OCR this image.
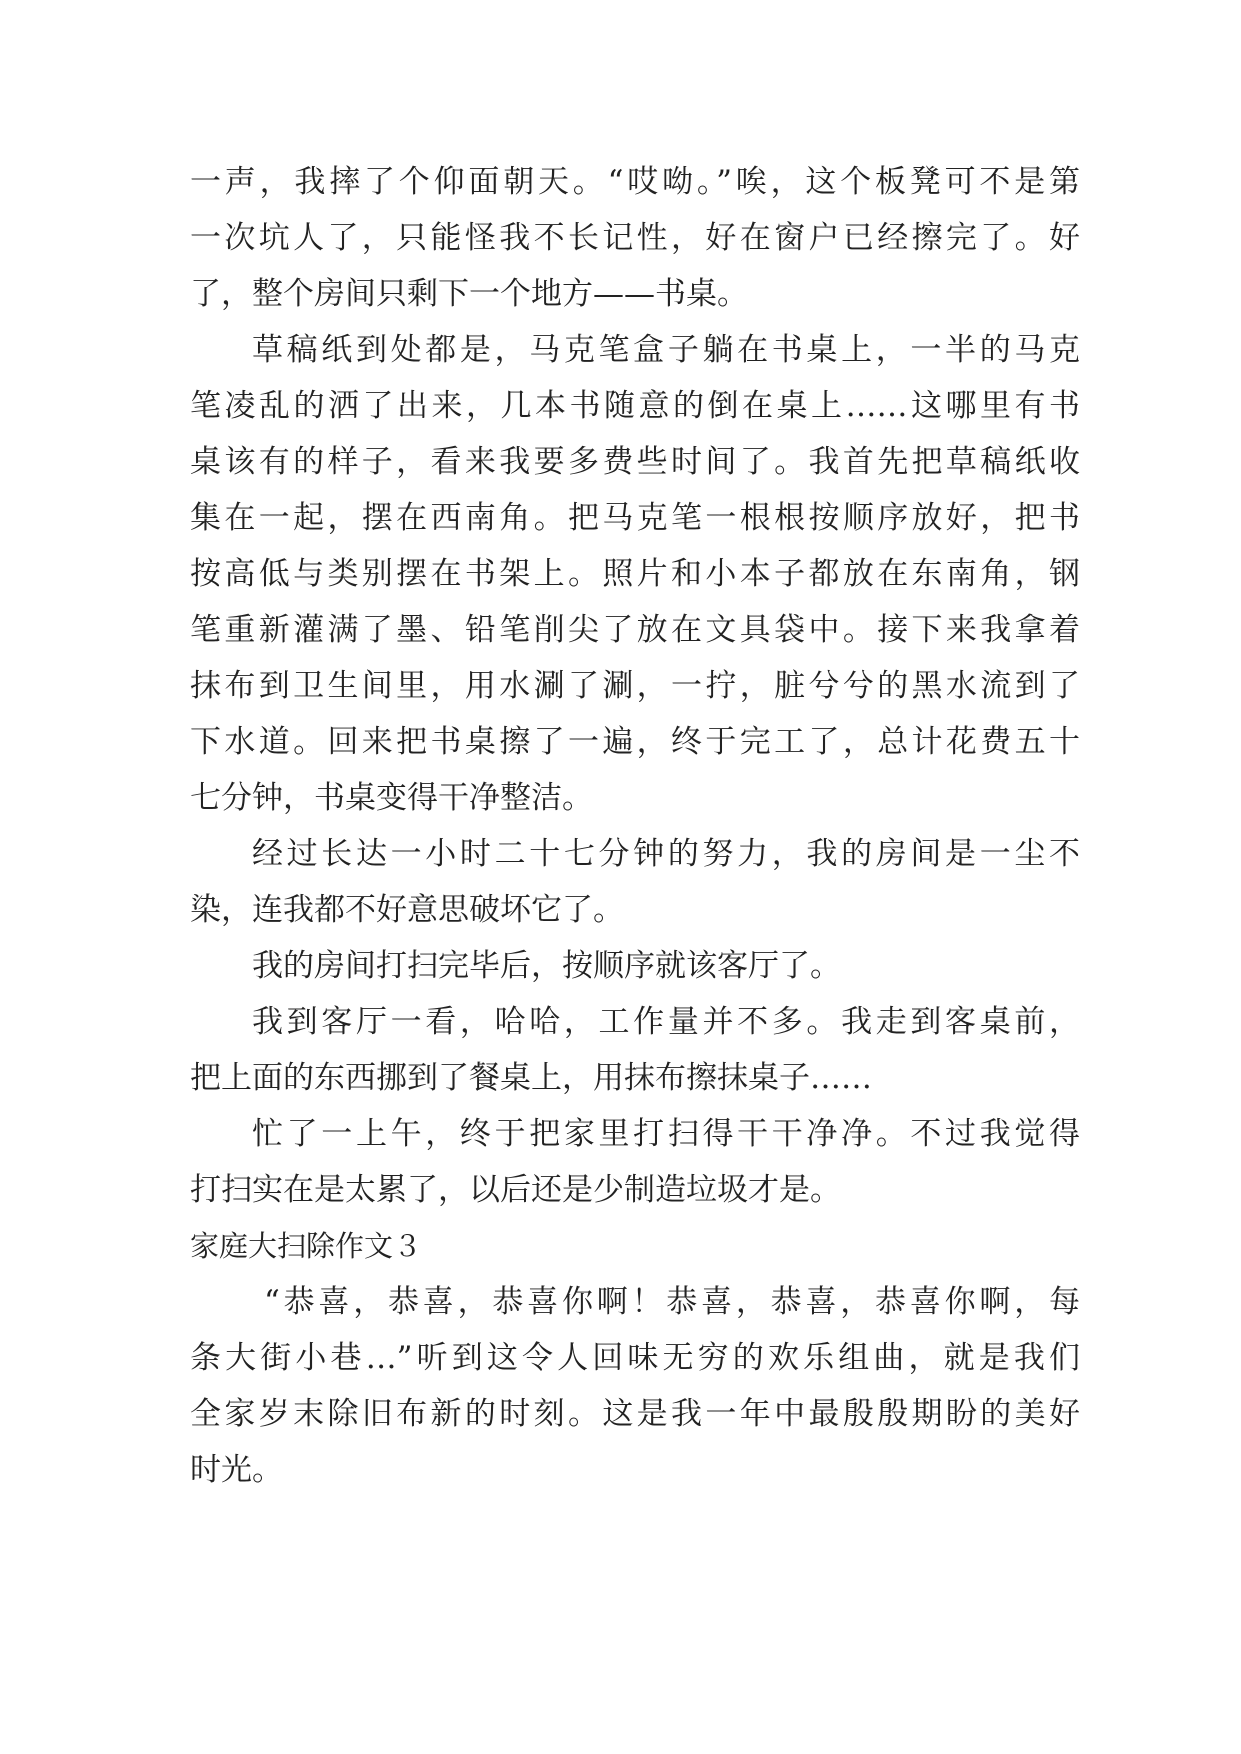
一声，我摔了个仰面朝天。“哎呦。”唉，这个板凳可不是第
一次坑人了，只能怪我不长记性，好在窗户已经擦完了。好
了，整个房间只剩下一个地方——书桌。
草稿纸到处都是，马克笔盒子躺在书桌上，一半的马克
笔凌乱的洒了出来，几本书随意的倒在桌上……这哪里有书
桌该有的样子，看来我要多费些时间了。我首先把草稿纸收
集在一起，摆在西南角。把马克笔一根根按顺序放好，把书
按高低与类别摆在书架上。照片和小本子都放在东南角，钢
笔重新灌满了墨、铅笔削尖了放在文具袋中。接下来我拿着
抹布到卫生间里，用水涮了涮，一拧，脏兮兮的黑水流到了
下水道。回来把书桌擦了一遍，终于完工了，总计花费五十
七分钟，书桌变得干净整洁。
经过长达一小时二十七分钟的努力，我的房间是一尘不
染，连我都不好意思破坏它了。
我的房间打扫完毕后，按顺序就该客厅了。
我到客厅一看，哈哈，工作量并不多。我走到客桌前，
把上面的东西挪到了餐桌上，用抹布擦抹桌子……
忙了一上午，终于把家里打扫得干干净净。不过我觉得
打扫实在是太累了，以后还是少制造垃圾才是。
家庭大扫除作文３
“恭喜，恭喜，恭喜你啊！恭喜，恭喜，恭喜你啊，每
条大街小巷…”听到这令人回味无穷的欢乐组曲，就是我们
全家岁末除旧布新的时刻。这是我一年中最殷殷期盼的美好
时光。
